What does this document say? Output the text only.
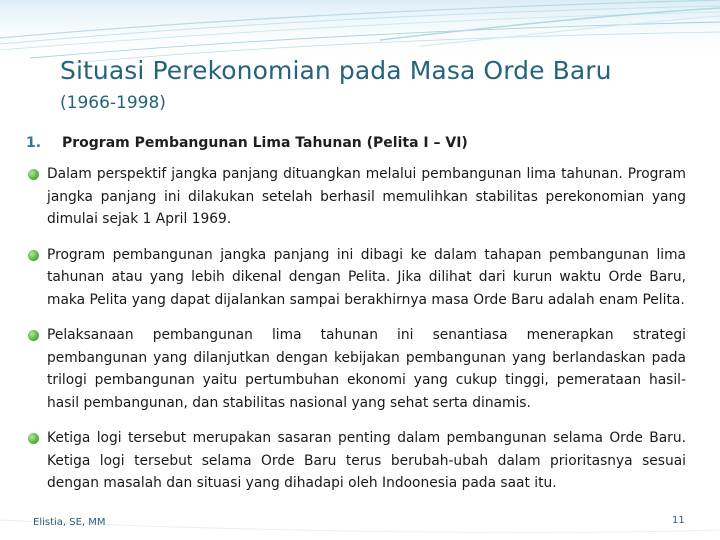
Situasi Perekonomian pada Masa Orde Baru
(1966-1998)
1. Program Pembangunan Lima Tahunan (Pelita I – VI)
Dalam perspektif jangka panjang dituangkan melalui pembangunan lima tahunan. Program jangka panjang ini dilakukan setelah berhasil memulihkan stabilitas perekonomian yang dimulai sejak 1 April 1969.
Program pembangunan jangka panjang ini dibagi ke dalam tahapan pembangunan lima tahunan atau yang lebih dikenal dengan Pelita. Jika dilihat dari kurun waktu Orde Baru, maka Pelita yang dapat dijalankan sampai berakhirnya masa Orde Baru adalah enam Pelita.
Pelaksanaan pembangunan lima tahunan ini senantiasa menerapkan strategi pembangunan yang dilanjutkan dengan kebijakan pembangunan yang berlandaskan pada trilogi pembangunan yaitu pertumbuhan ekonomi yang cukup tinggi, pemerataan hasil-hasil pembangunan, dan stabilitas nasional yang sehat serta dinamis.
Ketiga logi tersebut merupakan sasaran penting dalam pembangunan selama Orde Baru. Ketiga logi tersebut selama Orde Baru terus berubah-ubah dalam prioritasnya sesuai dengan masalah dan situasi yang dihadapi oleh Indoonesia pada saat itu.
Elistia, SE, MM	11
